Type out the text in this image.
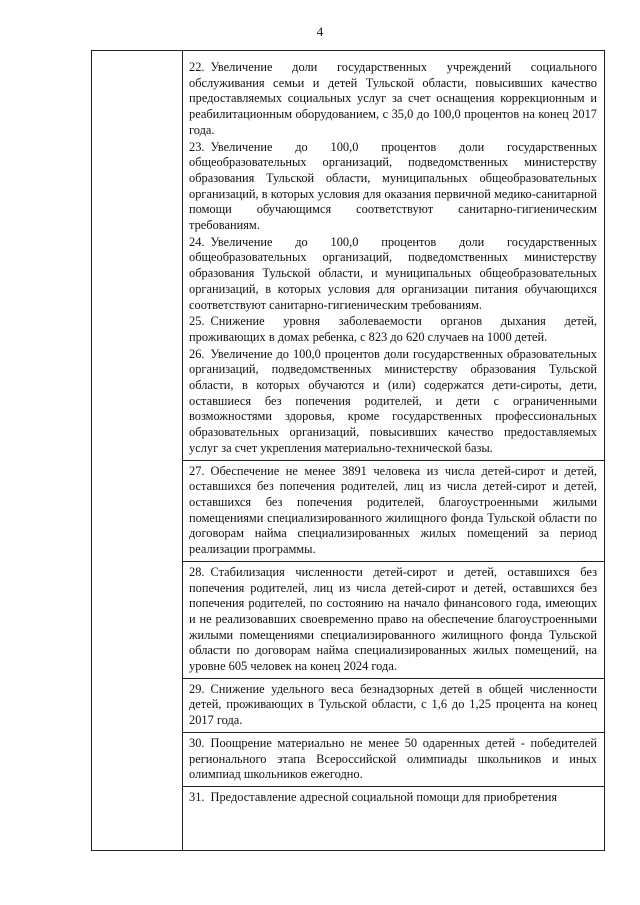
4

22. Увеличение доли государственных учреждений социального обслуживания семьи и детей Тульской области, повысивших качество предоставляемых социальных услуг за счет оснащения коррекционным и реабилитационным оборудованием, с 35,0 до 100,0 процентов на конец 2017 года.

23. Увеличение до 100,0 процентов доли государственных общеобразовательных организаций, подведомственных министерству образования Тульской области, муниципальных общеобразовательных организаций, в которых условия для оказания первичной медико-санитарной помощи обучающимся соответствуют санитарно-гигиеническим требованиям.

24. Увеличение до 100,0 процентов доли государственных общеобразовательных организаций, подведомственных министерству образования Тульской области, и муниципальных общеобразовательных организаций, в которых условия для организации питания обучающихся соответствуют санитарно-гигиеническим требованиям.

25. Снижение уровня заболеваемости органов дыхания детей, проживающих в домах ребенка, с 823 до 620 случаев на 1000 детей.

26. Увеличение до 100,0 процентов доли государственных образовательных организаций, подведомственных министерству образования Тульской области, в которых обучаются и (или) содержатся дети-сироты, дети, оставшиеся без попечения родителей, и дети с ограниченными возможностями здоровья, кроме государственных профессиональных образовательных организаций, повысивших качество предоставляемых услуг за счет укрепления материально-технической базы.

27. Обеспечение не менее 3891 человека из числа детей-сирот и детей, оставшихся без попечения родителей, лиц из числа детей-сирот и детей, оставшихся без попечения родителей, благоустроенными жилыми помещениями специализированного жилищного фонда Тульской области по договорам найма специализированных жилых помещений за период реализации программы.

28. Стабилизация численности детей-сирот и детей, оставшихся без попечения родителей, лиц из числа детей-сирот и детей, оставшихся без попечения родителей, по состоянию на начало финансового года, имеющих и не реализовавших своевременно право на обеспечение благоустроенными жилыми помещениями специализированного жилищного фонда Тульской области по договорам найма специализированных жилых помещений, на уровне 605 человек на конец 2024 года.

29. Снижение удельного веса безнадзорных детей в общей численности детей, проживающих в Тульской области, с 1,6 до 1,25 процента на конец 2017 года.

30. Поощрение материально не менее 50 одаренных детей - победителей регионального этапа Всероссийской олимпиады школьников и иных олимпиад школьников ежегодно.

31. Предоставление адресной социальной помощи для приобретения
